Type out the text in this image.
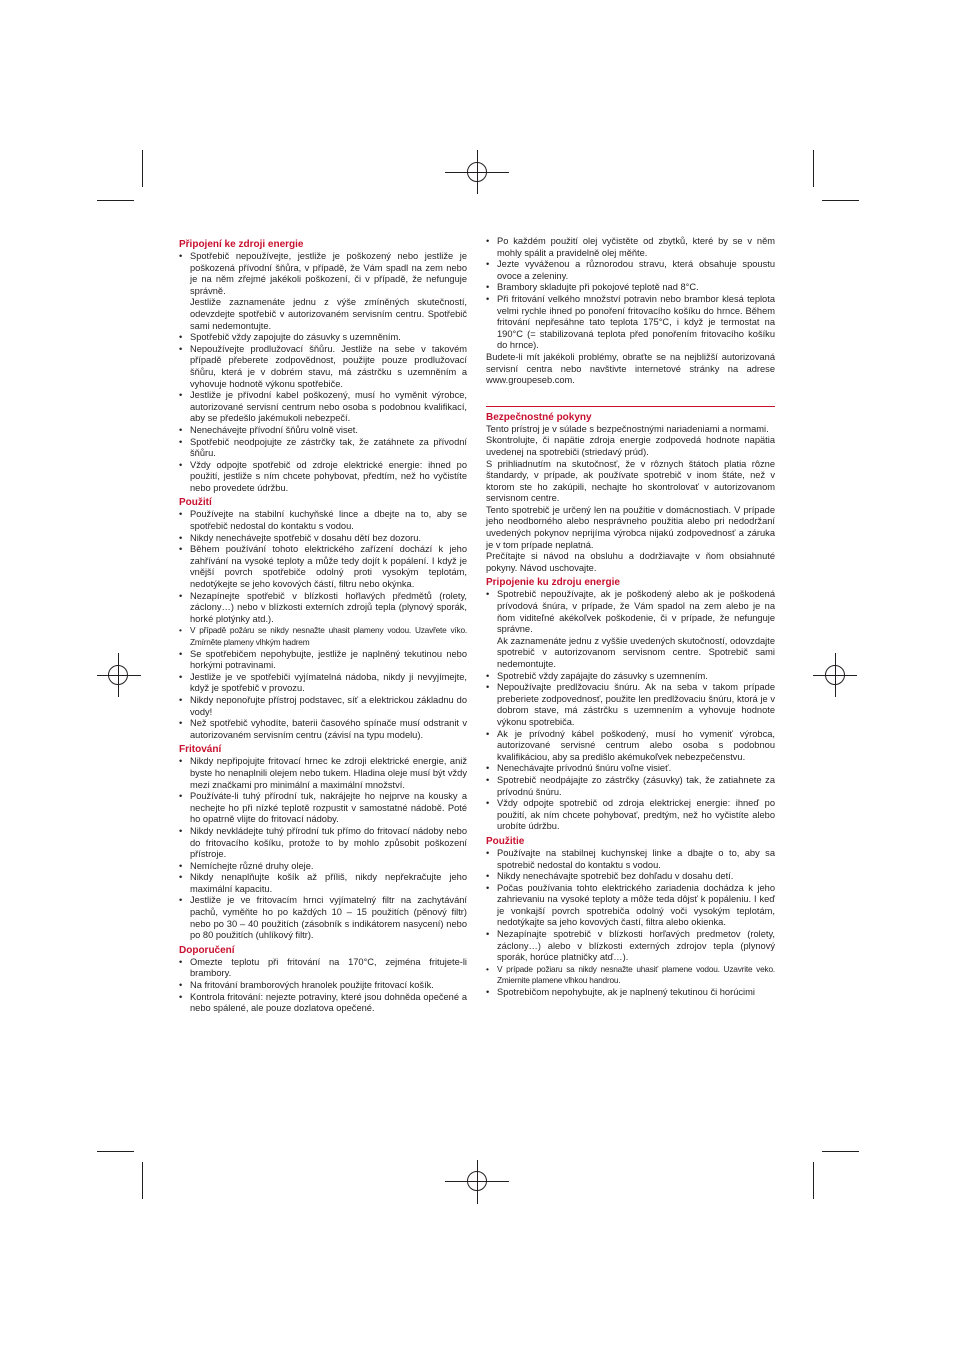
Připojení ke zdroji energie
• Spotřebič nepoužívejte, jestliže je poškozený nebo jestliže je poškozená přívodní šňůra, v případě, že Vám spadl na zem nebo je na něm zřejmé jakékoli poškození, či v případě, že nefunguje správně.

Jestliže zaznamenáte jednu z výše zmíněných skutečností, odevzdejte spotřebič v autorizovaném servisním centru. Spotřebič sami nedemontujte.

• Spotřebič vždy zapojujte do zásuvky s uzemněním.
• Nepoužívejte prodlužovací šňůru. Jestliže na sebe v takovém případě přeberete zodpovědnost, použijte pouze prodlužovací šňůru, která je v dobrém stavu, má zástrčku s uzemněním a vyhovuje hodnotě výkonu spotřebiče.
• Jestliže je přívodní kabel poškozený, musí ho vyměnit výrobce, autorizované servisní centrum nebo osoba s podobnou kvalifikací, aby se předešlo jakémukoli nebezpečí.
• Nenechávejte přívodní šňůru volně viset.
• Spotřebič neodpojujte ze zástrčky tak, že zatáhnete za přívodní šňůru.
• Vždy odpojte spotřebič od zdroje elektrické energie: ihned po použití, jestliže s ním chcete pohybovat, předtím, než ho vyčistíte nebo provedete údržbu.
Použití
• Používejte na stabilní kuchyňské lince a dbejte na to, aby se spotřebič nedostal do kontaktu s vodou.
• Nikdy nenechávejte spotřebič v dosahu dětí bez dozoru.
• Během používání tohoto elektrického zařízení dochází k jeho zahřívání na vysoké teploty a může tedy dojít k popálení. I když je vnější povrch spotřebiče odolný proti vysokým teplotám, nedotýkejte se jeho kovových částí, filtru nebo okýnka.
• Nezapínejte spotřebič v blízkosti hořlavých předmětů (rolety, záclony…) nebo v blízkosti externích zdrojů tepla (plynový sporák, horké plotýnky atd.).
• V případě požáru se nikdy nesnažte uhasit plameny vodou. Uzavřete víko. Zmírněte plameny vlhkým hadrem
• Se spotřebičem nepohybujte, jestliže je naplněný tekutinou nebo horkými potravinami.
• Jestliže je ve spotřebiči vyjímatelná nádoba, nikdy ji nevyjímejte, když je spotřebič v provozu.
• Nikdy neponořujte přístroj podstavec, síť a elektrickou základnu do vody!
• Než spotřebič vyhodíte, baterii časového spínače musí odstranit v autorizovaném servisním centru (závisí na typu modelu).
Fritování
• Nikdy nepřipojujte fritovací hrnec ke zdroji elektrické energie, aniž byste ho nenaplnili olejem nebo tukem. Hladina oleje musí být vždy mezi značkami pro minimální a maximální množství.
• Používáte-li tuhý přírodní tuk, nakrájejte ho nejprve na kousky a nechejte ho při nízké teplotě rozpustit v samostatné nádobě. Poté ho opatrně vlijte do fritovací nádoby.
• Nikdy nevkládejte tuhý přírodní tuk přímo do fritovací nádoby nebo do fritovacího košíku, protože to by mohlo způsobit poškození přístroje.
• Nemíchejte různé druhy oleje.
• Nikdy nenaplňujte košík až příliš, nikdy nepřekračujte jeho maximální kapacitu.
• Jestliže je ve fritovacím hrnci vyjímatelný filtr na zachytávání pachů, vyměňte ho po každých 10 – 15 použitích (pěnový filtr) nebo po 30 – 40 použitích (zásobník s indikátorem nasycení) nebo po 80 použitích (uhlíkový filtr).
Doporučení
• Omezte teplotu při fritování na 170°C, zejména fritujete-li brambory.
• Na fritování bramborových hranolek použijte fritovací košík.
• Kontrola fritování: nejezte potraviny, které jsou dohněda opečené a nebo spálené, ale pouze dozlatova opečené.
• Po každém použití olej vyčistěte od zbytků, které by se v něm mohly spálit a pravidelně olej měňte.
• Jezte vyváženou a různorodou stravu, která obsahuje spoustu ovoce a zeleniny.
• Brambory skladujte při pokojové teplotě nad 8°C.
• Při fritování velkého množství potravin nebo brambor klesá teplota velmi rychle ihned po ponoření fritovacího košíku do hrnce. Během fritování nepřesáhne tato teplota 175°C, i když je termostat na 190°C (= stabilizovaná teplota před ponořením fritovacího košíku do hrnce).

Budete-li mít jakékoli problémy, obraťte se na nejbližší autorizovaná servisní centra nebo navštivte internetové stránky na adrese www.groupeseb.com.

Bezpečnostné pokyny

Tento prístroj je v súlade s bezpečnostnými nariadeniami a normami.

Skontrolujte, či napätie zdroja energie zodpovedá hodnote napätia uvedenej na spotrebiči (striedavý prúd).

S prihliadnutím na skutočnosť, že v rôznych štátoch platia rôzne štandardy, v prípade, ak používate spotrebič v inom štáte, než v ktorom ste ho zakúpili, nechajte ho skontrolovať v autorizovanom servisnom centre.

Tento spotrebič je určený len na použitie v domácnostiach. V prípade jeho neodborného alebo nesprávneho použitia alebo pri nedodržaní uvedených pokynov neprijíma výrobca nijakú zodpovednosť a záruka je v tom prípade neplatná.

Prečítajte si návod na obsluhu a dodržiavajte v ňom obsiahnuté pokyny. Návod uschovajte.

Pripojenie ku zdroju energie
• Spotrebič nepoužívajte, ak je poškodený alebo ak je poškodená prívodová šnúra, v prípade, že Vám spadol na zem alebo je na ňom viditeľné akékoľvek poškodenie, či v prípade, že nefunguje správne.

Ak zaznamenáte jednu z vyššie uvedených skutočností, odovzdajte spotrebič v autorizovanom servisnom centre. Spotrebič sami nedemontujte.

• Spotrebič vždy zapájajte do zásuvky s uzemnením.
• Nepoužívajte predlžovaciu šnúru. Ak na seba v takom prípade preberiete zodpovednosť, použite len predlžovaciu šnúru, ktorá je v dobrom stave, má zástrčku s uzemnením a vyhovuje hodnote výkonu spotrebiča.
• Ak je prívodný kábel poškodený, musí ho vymeniť výrobca, autorizované servisné centrum alebo osoba s podobnou kvalifikáciou, aby sa predišlo akémukoľvek nebezpečenstvu.
• Nenechávajte prívodnú šnúru voľne visieť.
• Spotrebič neodpájajte zo zástrčky (zásuvky) tak, že zatiahnete za prívodnú šnúru.
• Vždy odpojte spotrebič od zdroja elektrickej energie: ihneď po použití, ak ním chcete pohybovať, predtým, než ho vyčistíte alebo urobíte údržbu.
Použitie
• Používajte na stabilnej kuchynskej linke a dbajte o to, aby sa spotrebič nedostal do kontaktu s vodou.
• Nikdy nenechávajte spotrebič bez dohľadu v dosahu detí.
• Počas používania tohto elektrického zariadenia dochádza k jeho zahrievaniu na vysoké teploty a môže teda dôjsť k popáleniu. I keď je vonkajší povrch spotrebiča odolný voči vysokým teplotám, nedotýkajte sa jeho kovových častí, filtra alebo okienka.
• Nezapínajte spotrebič v blízkosti horľavých predmetov (rolety, záclony…) alebo v blízkosti externých zdrojov tepla (plynový sporák, horúce platničky atď…).
• V prípade požiaru sa nikdy nesnažte uhasiť plamene vodou. Uzavrite veko. Zmiernite plamene vlhkou handrou.
• Spotrebičom nepohybujte, ak je naplnený tekutinou či horúcimi
